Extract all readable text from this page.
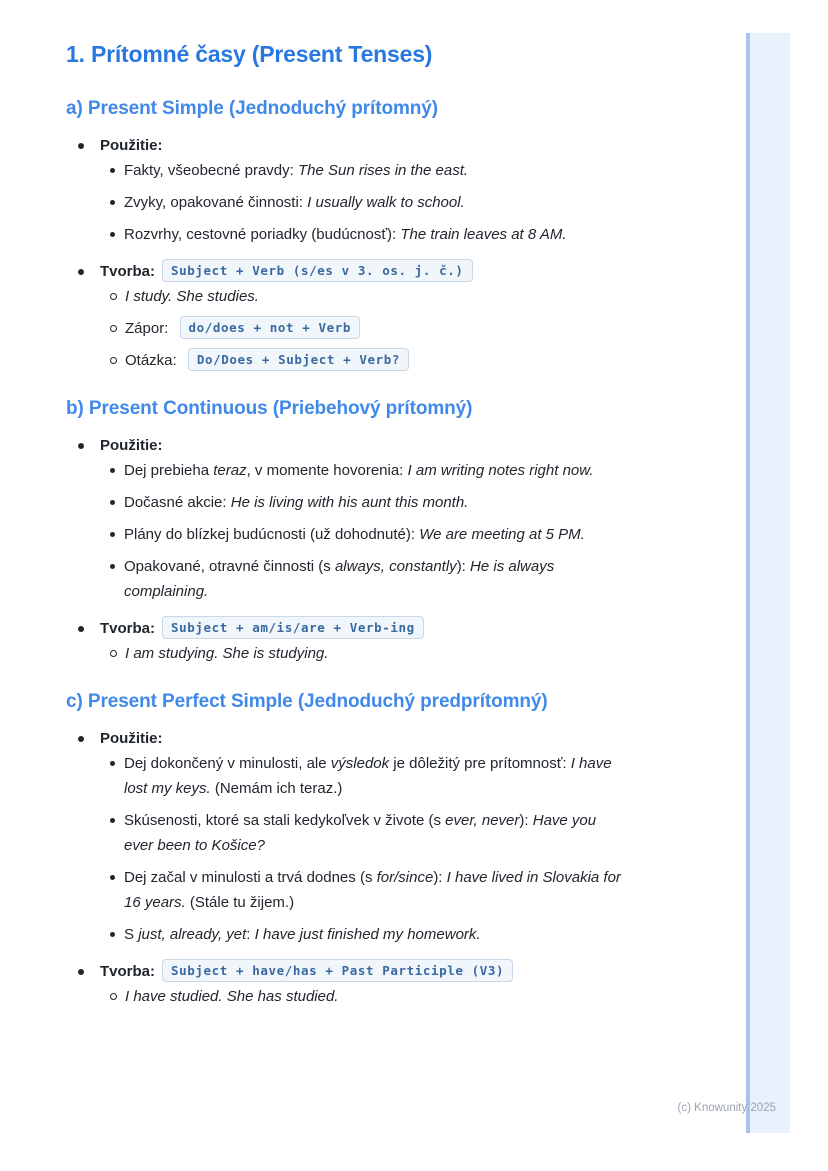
1. Prítomné časy (Present Tenses)
a) Present Simple (Jednoduchý prítomný)
Použitie:
Fakty, všeobecné pravdy: The Sun rises in the east.
Zvyky, opakované činnosti: I usually walk to school.
Rozvrhy, cestovné poriadky (budúcnosť): The train leaves at 8 AM.
Tvorba:	Subject + Verb (s/es v 3. os. j. č.)
I study. She studies.
Zápor: do/does + not + Verb
Otázka: Do/Does + Subject + Verb?
b) Present Continuous (Priebehový prítomný)
Použitie:
Dej prebieha teraz, v momente hovorenia: I am writing notes right now.
Dočasné akcie: He is living with his aunt this month.
Plány do blízkej budúcnosti (už dohodnuté): We are meeting at 5 PM.
Opakované, otravné činnosti (s always, constantly): He is always complaining.
Tvorba:	Subject + am/is/are + Verb-ing
I am studying. She is studying.
c) Present Perfect Simple (Jednoduchý predprítomný)
Použitie:
Dej dokončený v minulosti, ale výsledok je dôležitý pre prítomnosť: I have lost my keys. (Nemám ich teraz.)
Skúsenosti, ktoré sa stali kedykoľvek v živote (s ever, never): Have you ever been to Košice?
Dej začal v minulosti a trvá dodnes (s for/since): I have lived in Slovakia for 16 years. (Stále tu žijem.)
S just, already, yet: I have just finished my homework.
Tvorba:	Subject + have/has + Past Participle (V3)
I have studied. She has studied.
(c) Knowunity 2025
